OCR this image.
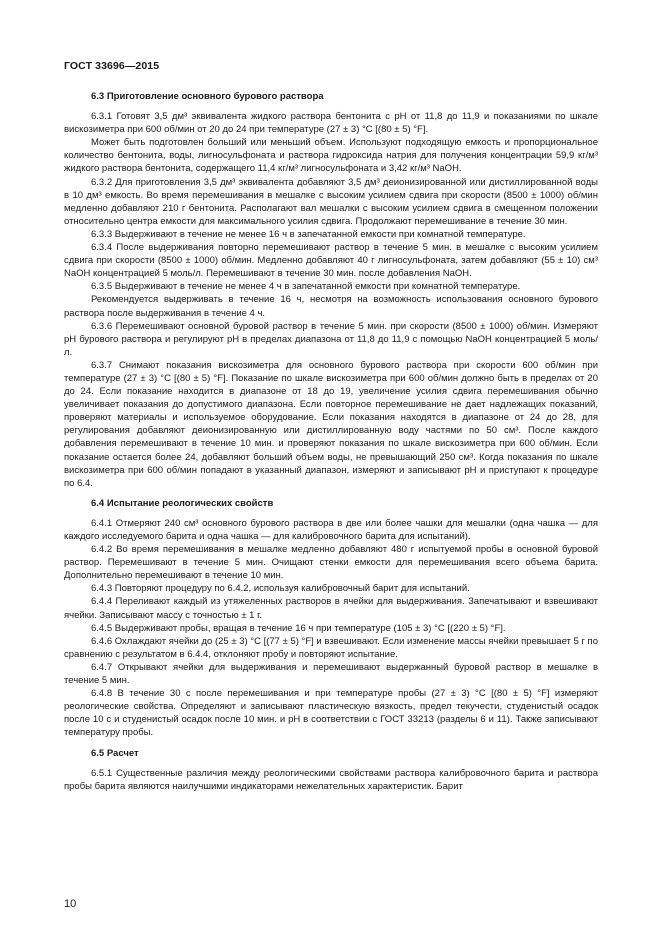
ГОСТ 33696—2015
6.3 Приготовление основного бурового раствора

6.3.1 Готовят 3,5 дм³ эквивалента жидкого раствора бентонита с pH от 11,8 до 11,9 и показаниями по шкале вискозиметра при 600 об/мин от 20 до 24 при температуре (27 ± 3) °С [(80 ± 5) °F].

Может быть подготовлен больший или меньший объем. Используют подходящую емкость и пропорциональное количество бентонита, воды, лигносульфоната и раствора гидроксида натрия для получения концентрации 59,9 кг/м³ жидкого раствора бентонита, содержащего 11,4 кг/м³ лигносульфоната и 3,42 кг/м³ NaOH.

6.3.2 Для приготовления 3,5 дм³ эквивалента добавляют 3,5 дм³ деионизированной или дистиллированной воды в 10 дм³ емкость. Во время перемешивания в мешалке с высоким усилием сдвига при скорости (8500 ± 1000) об/мин медленно добавляют 210 г бентонита. Располагают вал мешалки с высоким усилием сдвига в смещенном положении относительно центра емкости для максимального усилия сдвига. Продолжают перемешивание в течение 30 мин.

6.3.3 Выдерживают в течение не менее 16 ч в запечатанной емкости при комнатной температуре.

6.3.4 После выдерживания повторно перемешивают раствор в течение 5 мин. в мешалке с высоким усилием сдвига при скорости (8500 ± 1000) об/мин. Медленно добавляют 40 г лигносульфоната, затем добавляют (55 ± 10) см³ NaOH концентрацией 5 моль/л. Перемешивают в течение 30 мин. после добавления NaOH.

6.3.5 Выдерживают в течение не менее 4 ч в запечатанной емкости при комнатной температуре.

Рекомендуется выдерживать в течение 16 ч, несмотря на возможность использования основного бурового раствора после выдерживания в течение 4 ч.

6.3.6 Перемешивают основной буровой раствор в течение 5 мин. при скорости (8500 ± 1000) об/мин. Измеряют pH бурового раствора и регулируют pH в пределах диапазона от 11,8 до 11,9 с помощью NaOH концентрацией 5 моль/л.

6.3.7 Снимают показания вискозиметра для основного бурового раствора при скорости 600 об/мин при температуре (27 ± 3) °С [(80 ± 5) °F]. Показание по шкале вискозиметра при 600 об/мин должно быть в пределах от 20 до 24. Если показание находится в диапазоне от 18 до 19, увеличение усилия сдвига перемешивания обычно увеличивает показания до допустимого диапазона. Если повторное перемешивание не дает надлежащих показаний, проверяют материалы и используемое оборудование. Если показания находятся в диапазоне от 24 до 28, для регулирования добавляют деионизированную или дистиллированную воду частями по 50 см³. После каждого добавления перемешивают в течение 10 мин. и проверяют показания по шкале вискозиметра при 600 об/мин. Если показание остается более 24, добавляют больший объем воды, не превышающий 250 см³. Когда показания по шкале вискозиметра при 600 об/мин попадают в указанный диапазон, измеряют и записывают pH и приступают к процедуре по 6.4.

6.4 Испытание реологических свойств

6.4.1 Отмеряют 240 см³ основного бурового раствора в две или более чашки для мешалки (одна чашка — для каждого исследуемого барита и одна чашка — для калибровочного барита для испытаний).

6.4.2 Во время перемешивания в мешалке медленно добавляют 480 г испытуемой пробы в основной буровой раствор. Перемешивают в течение 5 мин. Очищают стенки емкости для перемешивания всего объема барита. Дополнительно перемешивают в течение 10 мин.

6.4.3 Повторяют процедуру по 6.4.2, используя калибровочный барит для испытаний.

6.4.4 Переливают каждый из утяжеленных растворов в ячейки для выдерживания. Запечатывают и взвешивают ячейки. Записывают массу с точностью ± 1 г.

6.4.5 Выдерживают пробы, вращая в течение 16 ч при температуре (105 ± 3) °С [(220 ± 5) °F].

6.4.6 Охлаждают ячейки до (25 ± 3) °С [(77 ± 5) °F] и взвешивают. Если изменение массы ячейки превышает 5 г по сравнению с результатом в 6.4.4, отклоняют пробу и повторяют испытание.

6.4.7 Открывают ячейки для выдерживания и перемешивают выдержанный буровой раствор в мешалке в течение 5 мин.

6.4.8 В течение 30 с после перемешивания и при температуре пробы (27 ± 3) °С [(80 ± 5) °F] измеряют реологические свойства. Определяют и записывают пластическую вязкость, предел текучести, студенистый осадок после 10 с и студенистый осадок после 10 мин. и pH в соответствии с ГОСТ 33213 (разделы 6 и 11). Также записывают температуру пробы.

6.5 Расчет

6.5.1 Существенные различия между реологическими свойствами раствора калибровочного барита и раствора пробы барита являются наилучшими индикаторами нежелательных характеристик. Барит

10
